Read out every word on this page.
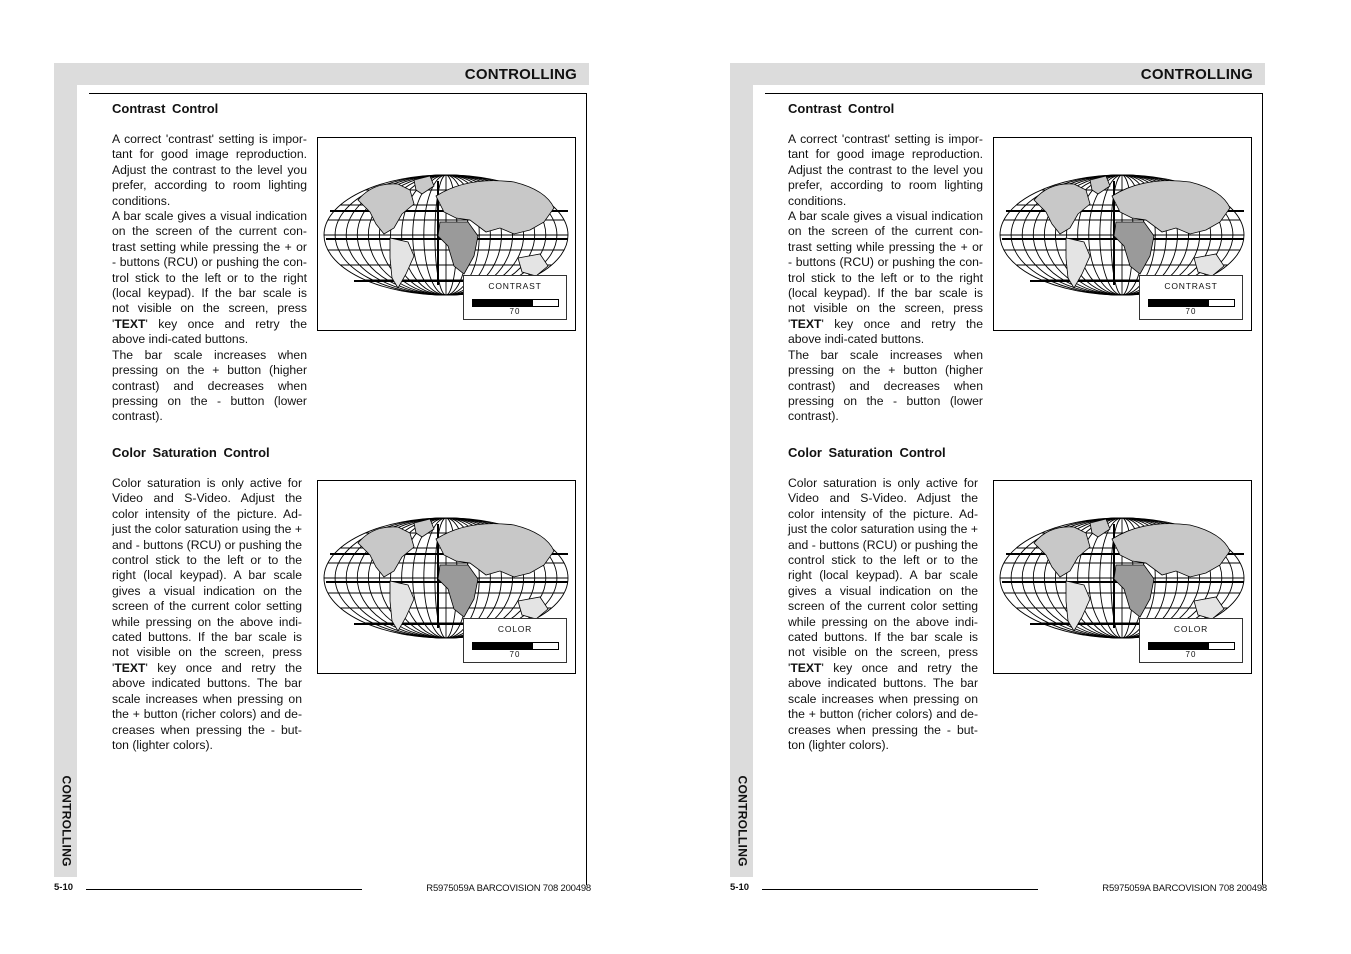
CONTROLLING
CONTROLLING
Contrast Control
A correct 'contrast' setting is impor-tant for good image reproduction. Adjust the contrast to the level you prefer, according to room lighting conditions.
A bar scale gives a visual indication on the screen of the current con-trast setting while pressing the + or - buttons (RCU) or pushing the con-trol stick to the left or to the right (local keypad). If the bar scale is not visible on the screen, press 'TEXT' key once and retry the above indi-cated buttons.
The bar scale increases when pressing on the + button (higher contrast) and decreases when pressing on the - button (lower contrast).
CONTRAST
70
Color Saturation Control
Color saturation is only active for Video and S-Video. Adjust the color intensity of the picture. Ad-just the color saturation using the + and - buttons (RCU) or pushing the control stick to the left or to the right (local keypad). A bar scale gives a visual indication on the screen of the current color setting while pressing on the above indi-cated buttons. If the bar scale is not visible on the screen, press 'TEXT' key once and retry the above indicated buttons. The bar scale increases when pressing on the + button (richer colors) and de-creases when pressing the - but-ton (lighter colors).
COLOR
70
5-10	R5975059A BARCOVISION 708 200498
CONTROLLING
CONTROLLING
Contrast Control
A correct 'contrast' setting is impor-tant for good image reproduction. Adjust the contrast to the level you prefer, according to room lighting conditions.
A bar scale gives a visual indication on the screen of the current con-trast setting while pressing the + or - buttons (RCU) or pushing the con-trol stick to the left or to the right (local keypad). If the bar scale is not visible on the screen, press 'TEXT' key once and retry the above indi-cated buttons.
The bar scale increases when pressing on the + button (higher contrast) and decreases when pressing on the - button (lower contrast).
CONTRAST
70
Color Saturation Control
Color saturation is only active for Video and S-Video. Adjust the color intensity of the picture. Ad-just the color saturation using the + and - buttons (RCU) or pushing the control stick to the left or to the right (local keypad). A bar scale gives a visual indication on the screen of the current color setting while pressing on the above indi-cated buttons. If the bar scale is not visible on the screen, press 'TEXT' key once and retry the above indicated buttons. The bar scale increases when pressing on the + button (richer colors) and de-creases when pressing the - but-ton (lighter colors).
COLOR
70
5-10	R5975059A BARCOVISION 708 200498
